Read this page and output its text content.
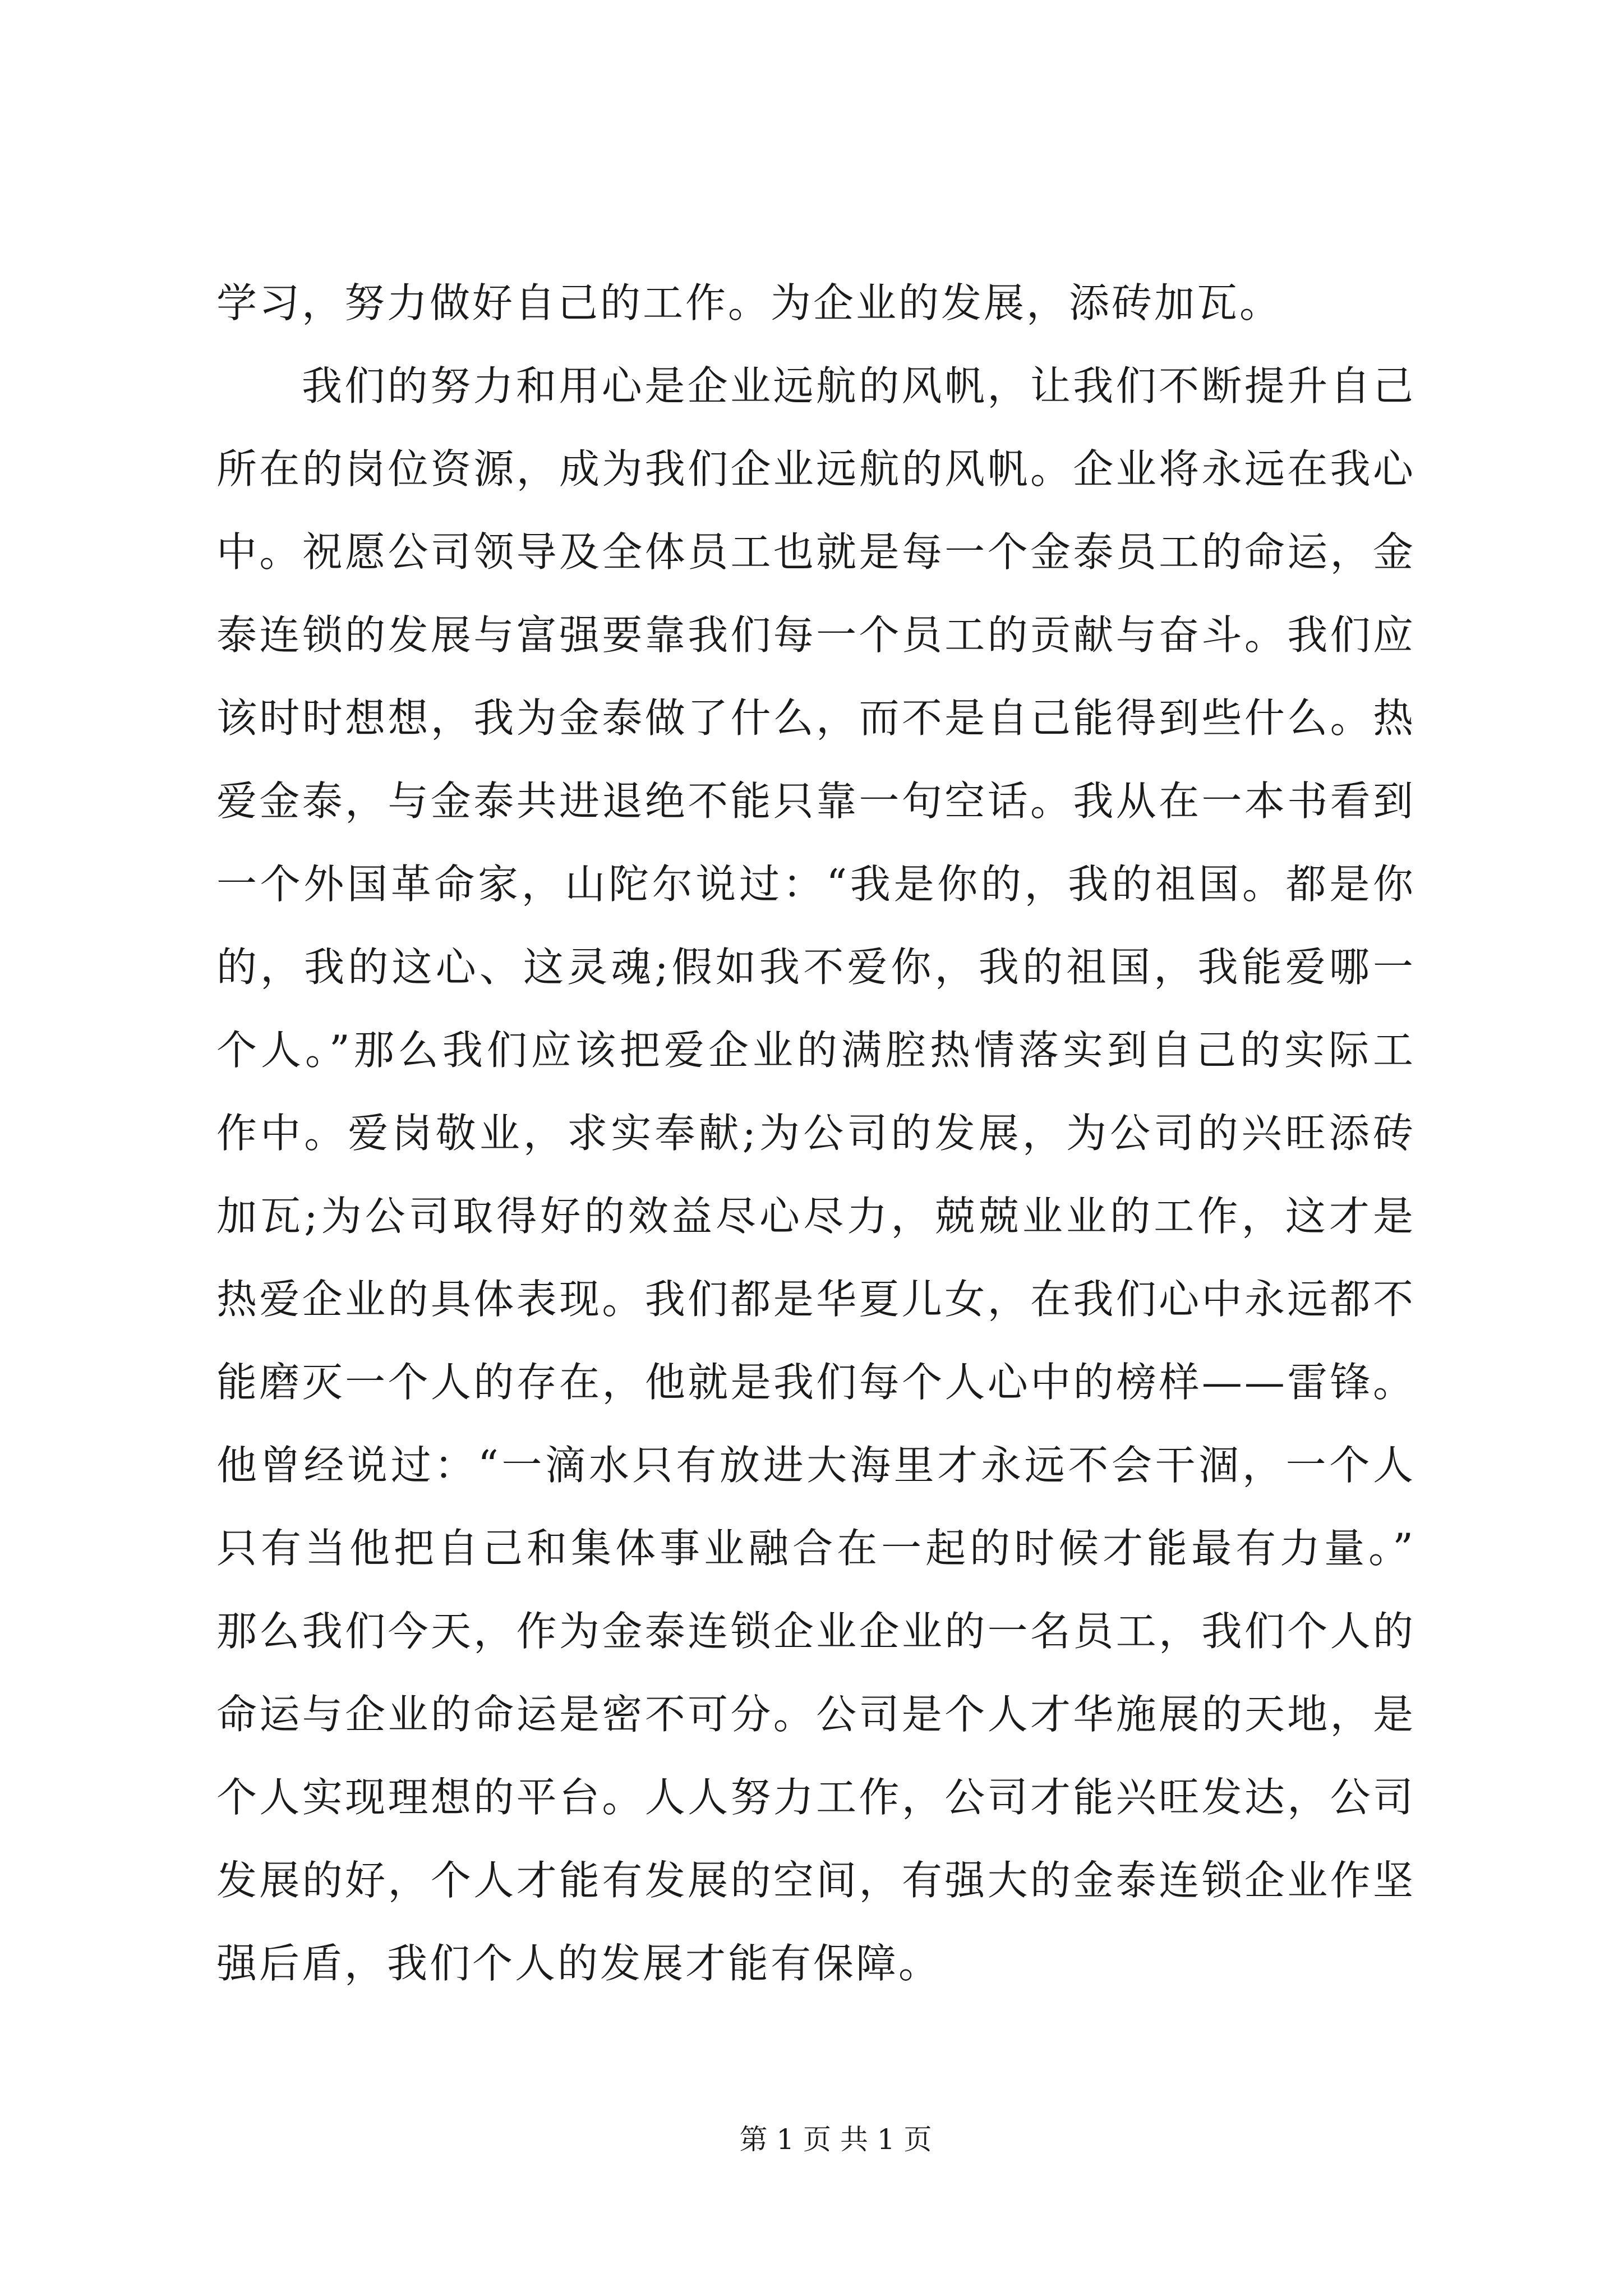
学习，努力做好自己的工作。为企业的发展，添砖加瓦。
我们的努力和用心是企业远航的风帆，让我们不断提升自己
所在的岗位资源，成为我们企业远航的风帆。企业将永远在我心
中。祝愿公司领导及全体员工也就是每一个金泰员工的命运，金
泰连锁的发展与富强要靠我们每一个员工的贡献与奋斗。我们应
该时时想想，我为金泰做了什么，而不是自己能得到些什么。热
爱金泰，与金泰共进退绝不能只靠一句空话。我从在一本书看到
一个外国革命家，山陀尔说过：“我是你的，我的祖国。都是你
的，我的这心、这灵魂;假如我不爱你，我的祖国，我能爱哪一
个人。”那么我们应该把爱企业的满腔热情落实到自己的实际工
作中。爱岗敬业，求实奉献;为公司的发展，为公司的兴旺添砖
加瓦;为公司取得好的效益尽心尽力，兢兢业业的工作，这才是
热爱企业的具体表现。我们都是华夏儿女，在我们心中永远都不
能磨灭一个人的存在，他就是我们每个人心中的榜样——雷锋。
他曾经说过：“一滴水只有放进大海里才永远不会干涸，一个人
只有当他把自己和集体事业融合在一起的时候才能最有力量。”
那么我们今天，作为金泰连锁企业企业的一名员工，我们个人的
命运与企业的命运是密不可分。公司是个人才华施展的天地，是
个人实现理想的平台。人人努力工作，公司才能兴旺发达，公司
发展的好，个人才能有发展的空间，有强大的金泰连锁企业作坚
强后盾，我们个人的发展才能有保障。
第 1 页 共 1 页
